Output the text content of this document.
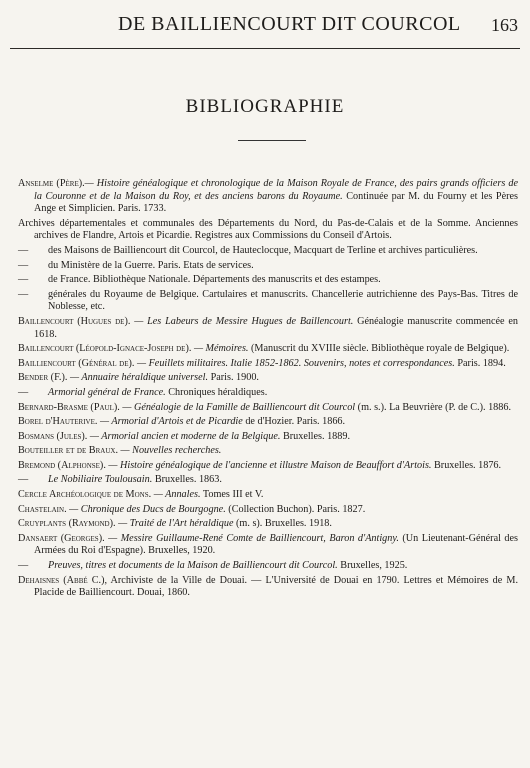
DE BAILLIENCOURT DIT COURCOL 163
BIBLIOGRAPHIE
Anselme (Père).— Histoire généalogique et chronologique de la Maison Royale de France, des pairs grands officiers de la Couronne et de la Maison du Roy, et des anciens barons du Royaume. Continuée par M. du Fourny et les Pères Ange et Simplicien. Paris. 1733.
Archives départementales et communales des Départements du Nord, du Pas-de-Calais et de la Somme. Anciennes archives de Flandre, Artois et Picardie. Registres aux Commissions du Conseil d'Artois.
— des Maisons de Bailliencourt dit Courcol, de Hauteclocque, Macquart de Terline et archives particulières.
— du Ministère de la Guerre. Paris. Etats de services.
— de France. Bibliothèque Nationale. Départements des manuscrits et des estampes.
— générales du Royaume de Belgique. Cartulaires et manuscrits. Chancellerie autrichienne des Pays-Bas. Titres de Noblesse, etc.
Baillencourt (Hugues de). — Les Labeurs de Messire Hugues de Baillencourt. Généalogie manuscrite commencée en 1618.
Baillencourt (Léopold-Ignace-Joseph de). — Mémoires. (Manuscrit du XVIIIe siècle. Bibliothèque royale de Belgique).
Bailliencourt (Général de). — Feuillets militaires. Italie 1852-1862. Souvenirs, notes et correspondances. Paris. 1894.
Bender (F.). — Annuaire héraldique universel. Paris. 1900.
— Armorial général de France. Chroniques héraldiques.
Bernard-Brasme (Paul). — Généalogie de la Famille de Bailliencourt dit Courcol (m. s.). La Beuvrière (P. de C.). 1886.
Borel d'Hauterive. — Armorial d'Artois et de Picardie de d'Hozier. Paris. 1866.
Bosmans (Jules). — Armorial ancien et moderne de la Belgique. Bruxelles. 1889.
Bouteiller et de Braux. — Nouvelles recherches.
Bremond (Alphonse). — Histoire généalogique de l'ancienne et illustre Maison de Beauffort d'Artois. Bruxelles. 1876.
— Le Nobiliaire Toulousain. Bruxelles. 1863.
Cercle Archéologique de Mons. — Annales. Tomes III et V.
Chastelain. — Chronique des Ducs de Bourgogne. (Collection Buchon). Paris. 1827.
Cruyplants (Raymond). — Traité de l'Art héraldique (m. s). Bruxelles. 1918.
Dansaert (Georges). — Messire Guillaume-René Comte de Bailliencourt, Baron d'Antigny. (Un Lieutenant-Général des Armées du Roi d'Espagne). Bruxelles, 1920.
— Preuves, titres et documents de la Maison de Bailliencourt dit Courcol. Bruxelles, 1925.
Dehaisnes (Abbé C.), Archiviste de la Ville de Douai. — L'Université de Douai en 1790. Lettres et Mémoires de M. Placide de Bailliencourt. Douai, 1860.
